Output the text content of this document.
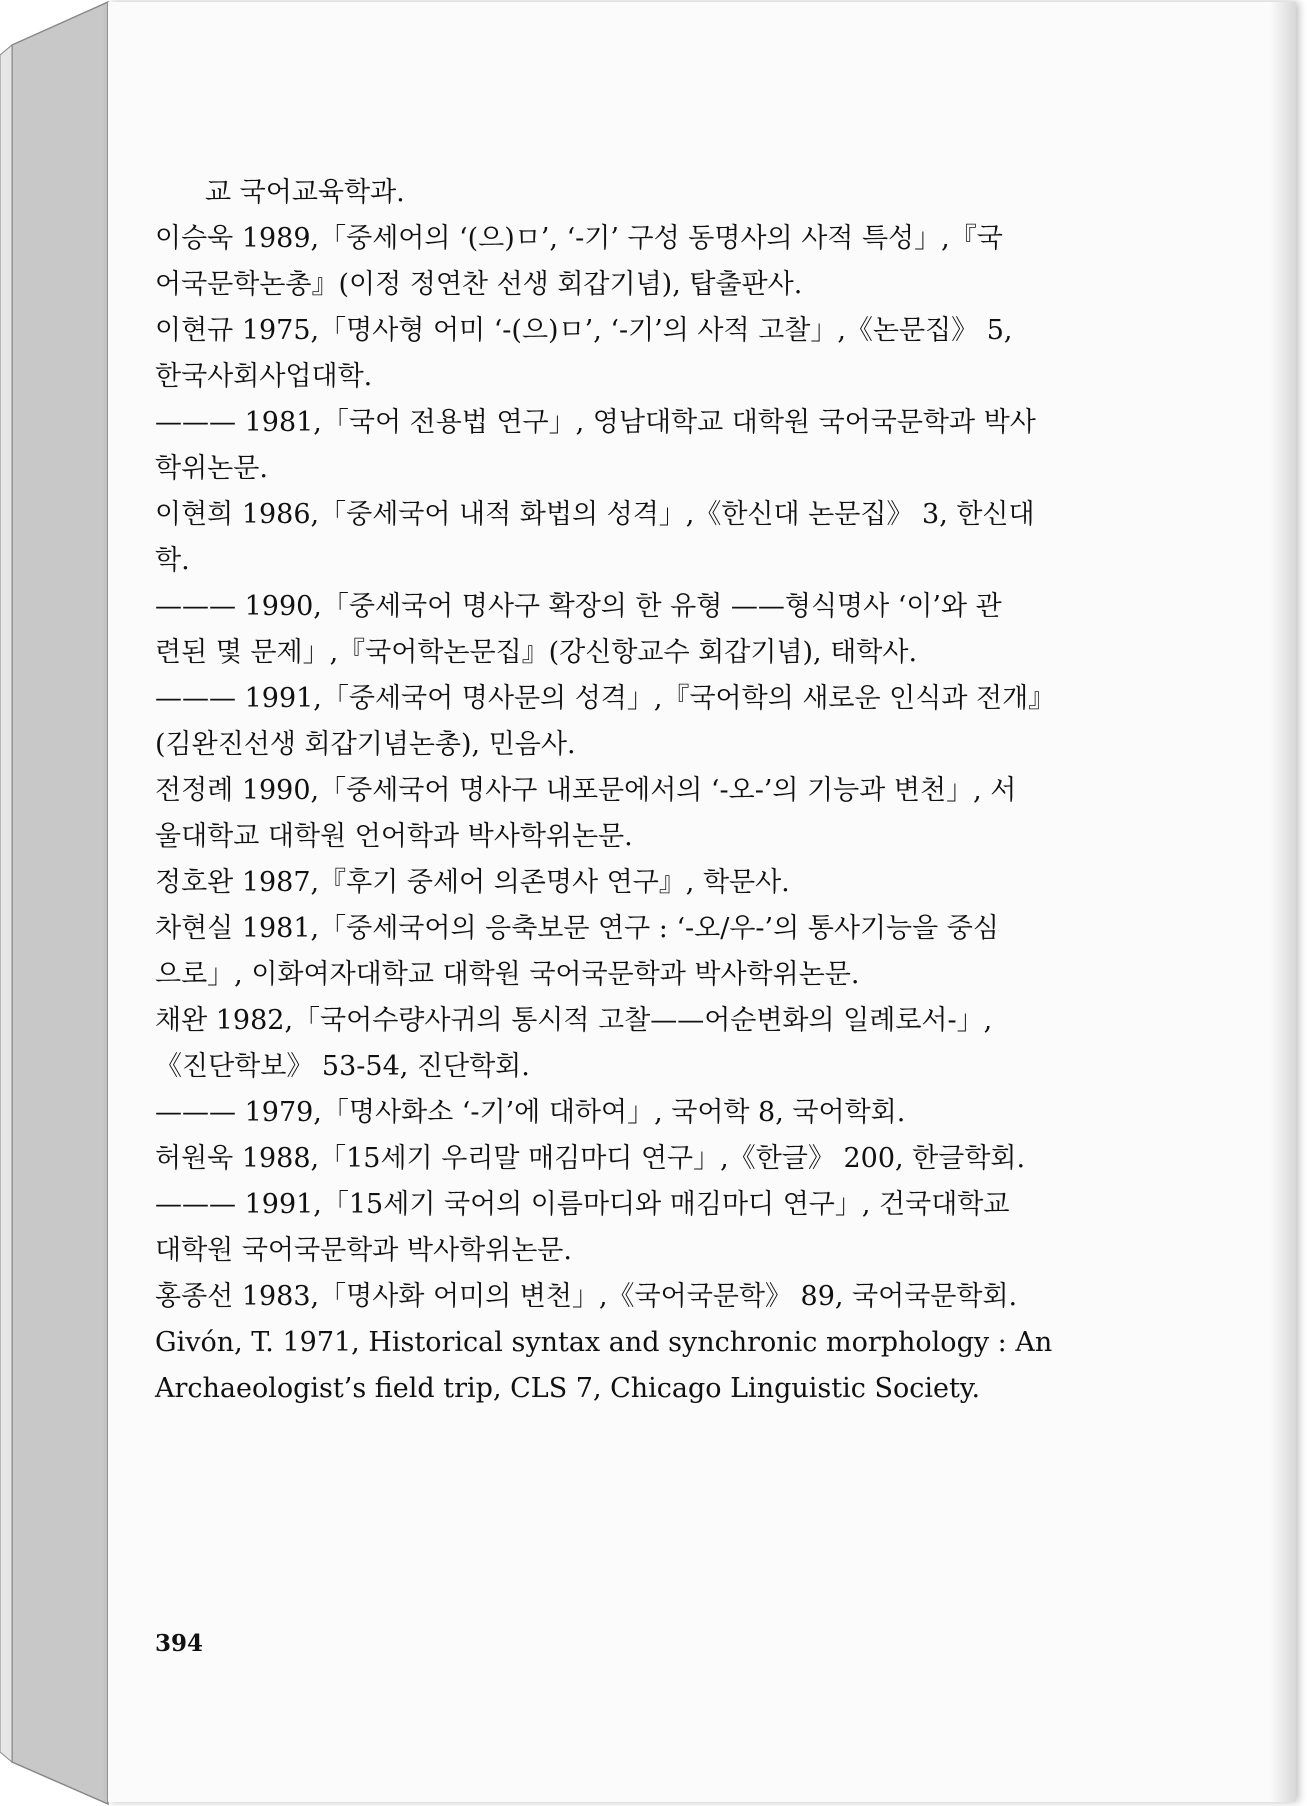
교 국어교육학과.

이승욱 1989,「중세어의 ‘(으)ㅁ’, ‘-기’ 구성 동명사의 사적 특성」,『국
어국문학논총』(이정 정연찬 선생 회갑기념), 탑출판사.

이현규 1975,「명사형 어미 ‘-(으)ㅁ’, ‘-기’의 사적 고찰」,《논문집》 5,
한국사회사업대학.

——— 1981,「국어 전용법 연구」, 영남대학교 대학원 국어국문학과 박사
학위논문.

이현희 1986,「중세국어 내적 화법의 성격」,《한신대 논문집》 3, 한신대
학.

——— 1990,「중세국어 명사구 확장의 한 유형 ——형식명사 ‘이’와 관
련된 몇 문제」,『국어학논문집』(강신항교수 회갑기념), 태학사.

——— 1991,「중세국어 명사문의 성격」,『국어학의 새로운 인식과 전개』
(김완진선생 회갑기념논총), 민음사.

전정례 1990,「중세국어 명사구 내포문에서의 ‘-오-’의 기능과 변천」, 서
울대학교 대학원 언어학과 박사학위논문.

정호완 1987,『후기 중세어 의존명사 연구』, 학문사.

차현실 1981,「중세국어의 응축보문 연구 : ‘-오/우-’의 통사기능을 중심
으로」, 이화여자대학교 대학원 국어국문학과 박사학위논문.

채완 1982,「국어수량사귀의 통시적 고찰——어순변화의 일례로서-」,
《진단학보》 53-54, 진단학회.

——— 1979,「명사화소 ‘-기’에 대하여」, 국어학 8, 국어학회.

허원욱 1988,「15세기 우리말 매김마디 연구」,《한글》 200, 한글학회.

——— 1991,「15세기 국어의 이름마디와 매김마디 연구」, 건국대학교
대학원 국어국문학과 박사학위논문.

홍종선 1983,「명사화 어미의 변천」,《국어국문학》 89, 국어국문학회.

Givón, T. 1971, Historical syntax and synchronic morphology : An
Archaeologist’s field trip, CLS 7, Chicago Linguistic Society.

394
